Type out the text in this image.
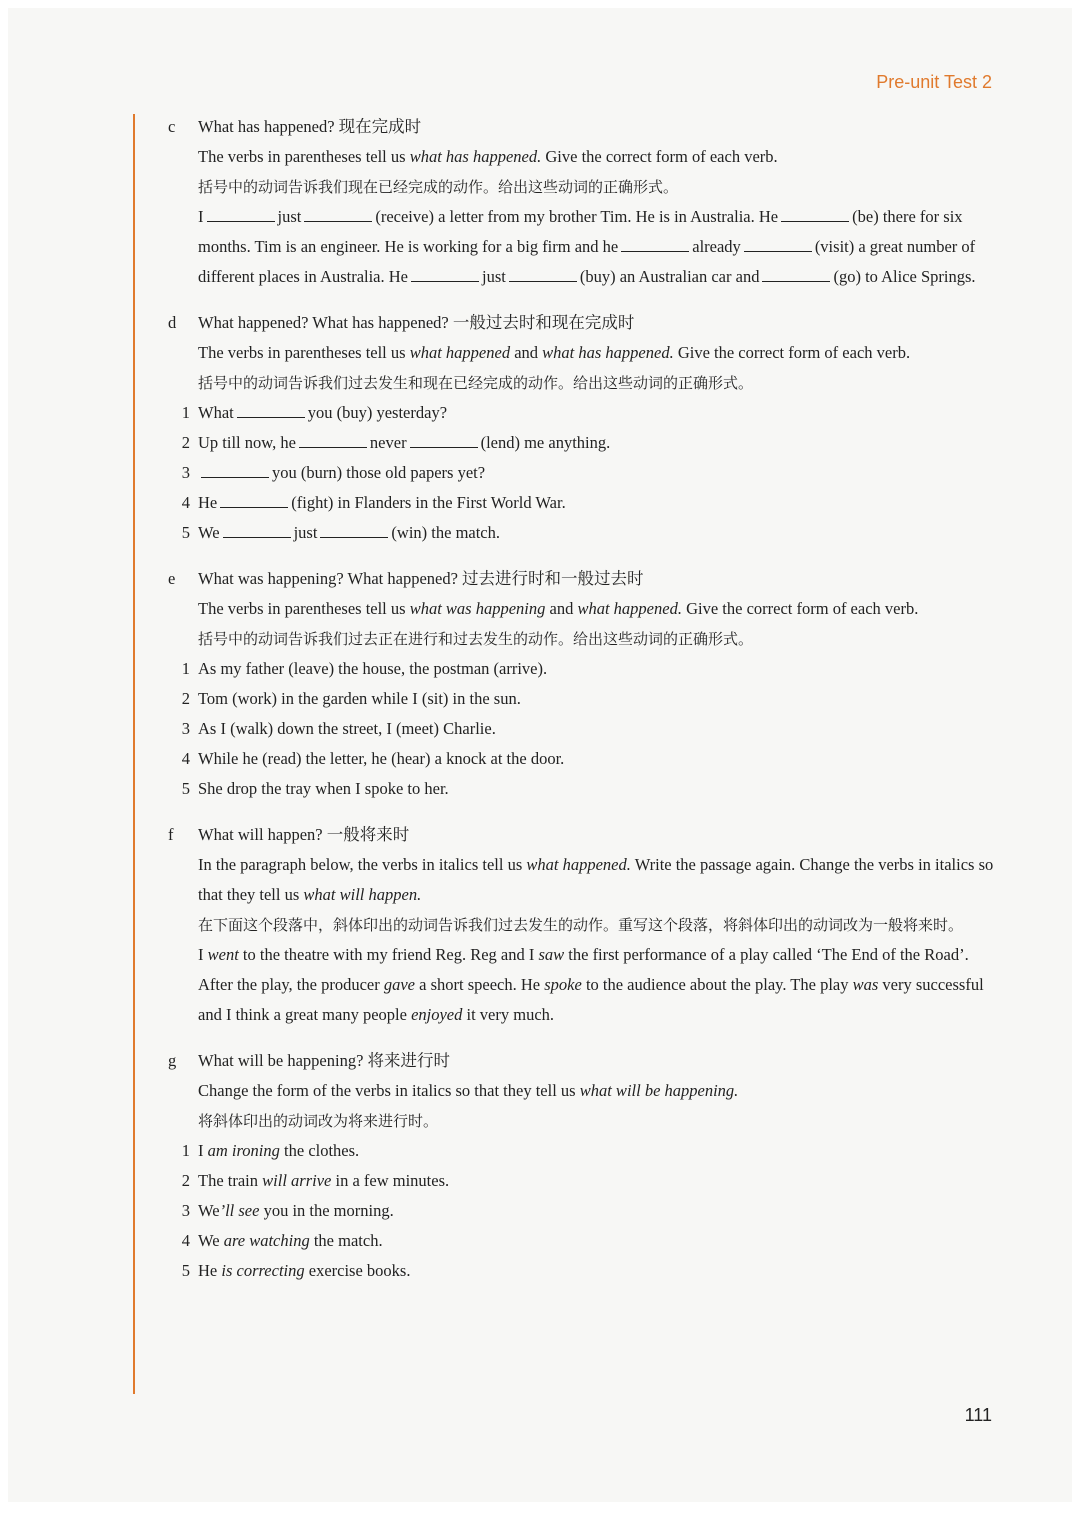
Pre-unit Test 2
c	What has happened? 现在完成时
The verbs in parentheses tell us what has happened. Give the correct form of each verb.
括号中的动词告诉我们现在已经完成的动作。给出这些动词的正确形式。
I	just	(receive) a letter from my brother Tim. He is in Australia. He	(be) there for six months. Tim is an engineer. He is working for a big firm and he	already	(visit) a great number of different places in Australia. He	just	(buy) an Australian car and	(go) to Alice Springs.
d	What happened? What has happened? 一般过去时和现在完成时
The verbs in parentheses tell us what happened and what has happened. Give the correct form of each verb.
括号中的动词告诉我们过去发生和现在已经完成的动作。给出这些动词的正确形式。
1 What	you (buy) yesterday?
2 Up till now, he	never	(lend) me anything.
3	you (burn) those old papers yet?
4 He	(fight) in Flanders in the First World War.
5 We	just	(win) the match.
e	What was happening? What happened? 过去进行时和一般过去时
The verbs in parentheses tell us what was happening and what happened. Give the correct form of each verb.
括号中的动词告诉我们过去正在进行和过去发生的动作。给出这些动词的正确形式。
1 As my father (leave) the house, the postman (arrive).
2 Tom (work) in the garden while I (sit) in the sun.
3 As I (walk) down the street, I (meet) Charlie.
4 While he (read) the letter, he (hear) a knock at the door.
5 She drop the tray when I spoke to her.
f	What will happen? 一般将来时
In the paragraph below, the verbs in italics tell us what happened. Write the passage again. Change the verbs in italics so that they tell us what will happen.
在下面这个段落中，斜体印出的动词告诉我们过去发生的动作。重写这个段落，将斜体印出的动词改为一般将来时。
I went to the theatre with my friend Reg. Reg and I saw the first performance of a play called ‘The End of the Road’. After the play, the producer gave a short speech. He spoke to the audience about the play. The play was very successful and I think a great many people enjoyed it very much.
g	What will be happening? 将来进行时
Change the form of the verbs in italics so that they tell us what will be happening.
将斜体印出的动词改为将来进行时。
1 I am ironing the clothes.
2 The train will arrive in a few minutes.
3 We’ll see you in the morning.
4 We are watching the match.
5 He is correcting exercise books.
111
